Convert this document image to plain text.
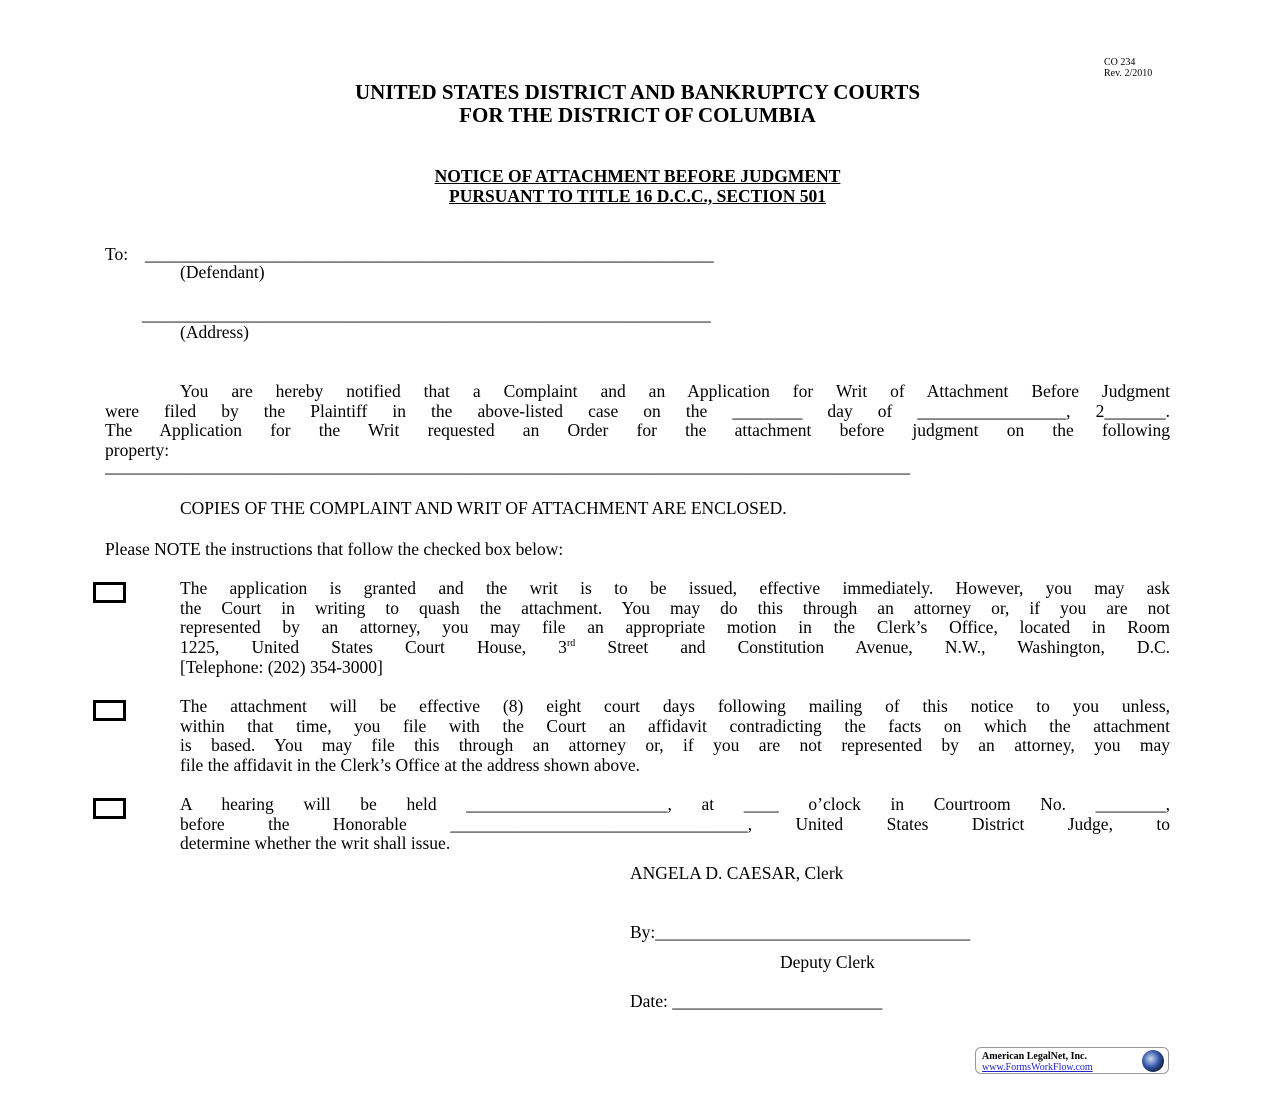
CO 234
Rev. 2/2010
UNITED STATES DISTRICT AND BANKRUPTCY COURTS
FOR THE DISTRICT OF COLUMBIA
NOTICE OF ATTACHMENT BEFORE JUDGMENT
PURSUANT TO TITLE 16 D.C.C., SECTION 501
To: _________________________________________________________________
(Defendant)
_________________________________________________________________
(Address)
You are hereby notified that a Complaint and an Application for Writ of Attachment Before Judgment
were filed by the Plaintiff in the above-listed case on the ________ day of _________________, 2_______.
The Application for the Writ requested an Order for the attachment before judgment on the following
property:
____________________________________________________________________________________________
COPIES OF THE COMPLAINT AND WRIT OF ATTACHMENT ARE ENCLOSED.
Please NOTE the instructions that follow the checked box below:
The application is granted and the writ is to be issued, effective immediately. However, you may ask
the Court in writing to quash the attachment. You may do this through an attorney or, if you are not
represented by an attorney, you may file an appropriate motion in the Clerk’s Office, located in Room
1225, United States Court House, 3rd Street and Constitution Avenue, N.W., Washington, D.C.
[Telephone: (202) 354-3000]
The attachment will be effective (8) eight court days following mailing of this notice to you unless,
within that time, you file with the Court an affidavit contradicting the facts on which the attachment
is based. You may file this through an attorney or, if you are not represented by an attorney, you may
file the affidavit in the Clerk’s Office at the address shown above.
A hearing will be held _______________________, at ____ o’clock in Courtroom No. ________,
before the Honorable __________________________________, United States District Judge, to
determine whether the writ shall issue.
ANGELA D. CAESAR, Clerk
By:____________________________________
Deputy Clerk
Date: ________________________
American LegalNet, Inc.
www.FormsWorkFlow.com
